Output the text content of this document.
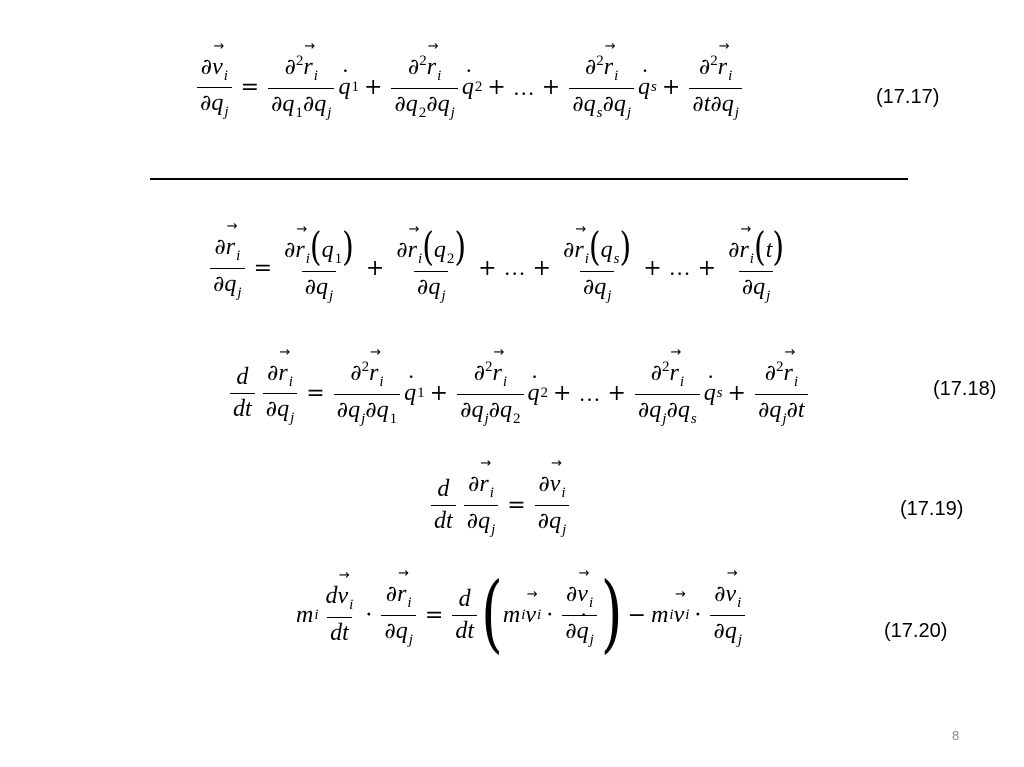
$\frac{\partial v \to_i}{\partial q_j} = \frac{\partial^2r \to_i}{\partial q_1\partial q_j}$ $q \cdot 1 + \frac{\partial^2r \to_i}{\partial q_2\partial q_j}$ q · 2 + … + $\frac{\partial^2r \to_i}{\partial q_s\partial q_j}$ $q \cdot s + \frac{\partial^2r \to_i}{\partial t\partial q_j}$	(17.17)
$\frac{\partial r \to_i}{\partial q_j} = \frac{\partial r \to_i(q_1)}{\partial q_j} + \frac{\partial r \to_i(q_2)}{\partial q_j}$ + … + $\frac{\partial r \to_i(q_s)}{\partial q_j}$ + … + $\frac{\partial r \to_i(t)}{\partial q_j}$
$\frac{d}{dt} \frac{\partial r \to_i}{\partial q_j} = \frac{\partial^2r \to_i}{\partial q_j\partial q_1}$ $q \cdot 1 + \frac{\partial^2r \to_i}{\partial q_j\partial q_2}$ q · 2 + … + $\frac{\partial^2r \to_i}{\partial q_j\partial q_s}$ $q \cdot s + \frac{\partial^2r \to_i}{\partial q_j\partial t}$	(17.18)
$\frac{d}{dt} \frac{\partial r \to_i}{\partial q_j} = \frac{\partial v \to_i}{\partial q_j}$	(17.19)
m i $\frac{dv \to_i}{dt} \cdot \frac{\partial r \to_i}{\partial q_j} = \frac{d}{dt}$ ( m i $v \to i \cdot \frac{\partial v \to_i}{\partial q \cdot_j}$ ) − m i $v \to i \cdot \frac{\partial v \to_i}{\partial q_j}$	(17.20)
8
